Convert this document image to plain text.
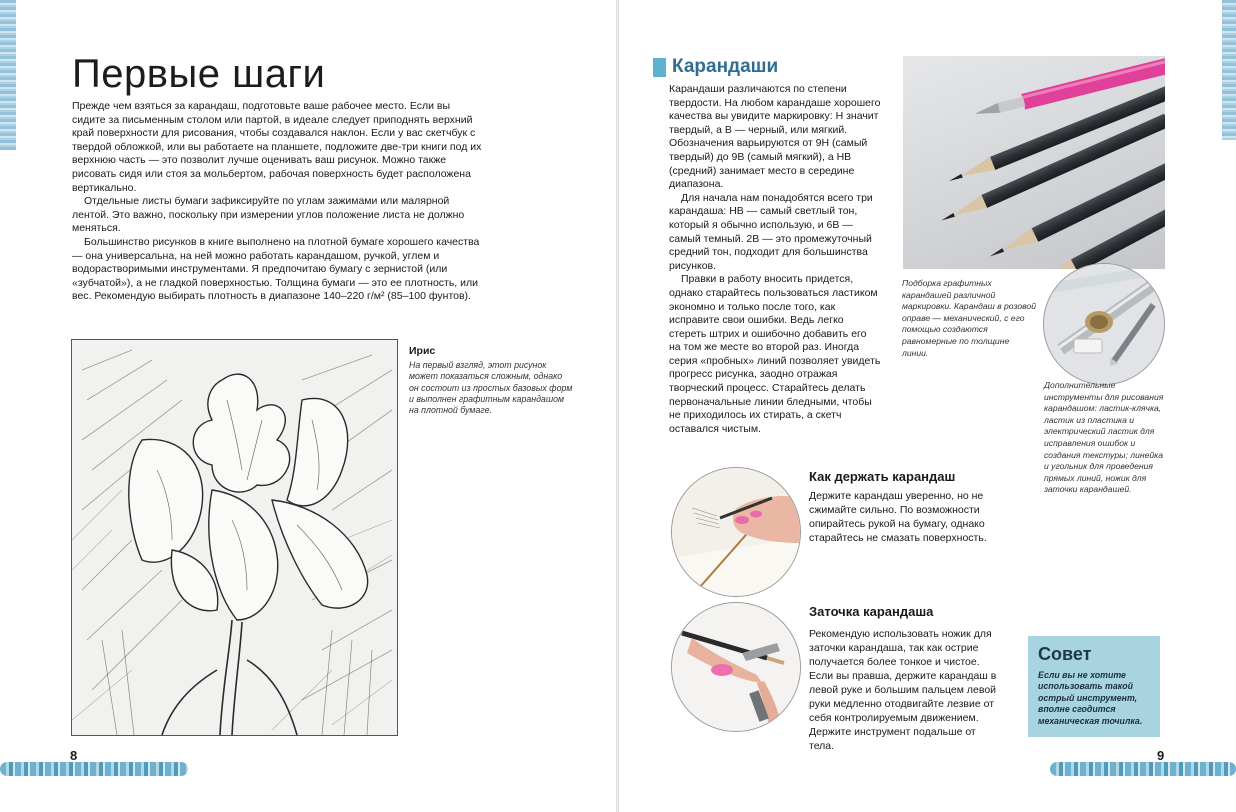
Первые шаги

Прежде чем взяться за карандаш, подготовьте ваше рабочее место. Если вы сидите за письменным столом или партой, в идеале следует приподнять верхний край поверхности для рисования, чтобы создавался наклон. Если у вас скетчбук с твердой обложкой, или вы работаете на планшете, подложите две-три книги под их верхнюю часть — это позволит лучше оценивать ваш рисунок. Можно также рисовать сидя или стоя за мольбертом, рабочая поверхность будет расположена вертикально.

Отдельные листы бумаги зафиксируйте по углам зажимами или малярной лентой. Это важно, поскольку при измерении углов положение листа не должно меняться.

Большинство рисунков в книге выполнено на плотной бумаге хорошего качества — она универсальна, на ней можно работать карандашом, ручкой, углем и водорастворимыми инструментами. Я предпочитаю бумагу с зернистой (или «зубчатой»), а не гладкой поверхностью. Толщина бумаги — это ее плотность, или вес. Рекомендую выбирать плотность в диапазоне 140–220 г/м² (85–100 фунтов).

Ирис

На первый взгляд, этот рисунок может показаться сложным, однако он состоит из простых базовых форм и выполнен графитным карандашом на плотной бумаге.

8
Карандаши

Карандаши различаются по степени твердости. На любом карандаше хорошего качества вы увидите маркировку: Н значит твердый, а В — черный, или мягкий. Обозначения варьируются от 9Н (самый твердый) до 9В (самый мягкий), а НВ (средний) занимает место в середине диапазона.

Для начала нам понадобятся всего три карандаша: НВ — самый светлый тон, который я обычно использую, и 6В — самый темный. 2В — это промежуточный средний тон, подходит для большинства рисунков.

Правки в работу вносить придется, однако старайтесь пользоваться ластиком экономно и только после того, как исправите свои ошибки. Ведь легко стереть штрих и ошибочно добавить его на том же месте во второй раз. Иногда серия «пробных» линий позволяет увидеть прогресс рисунка, заодно отражая творческий процесс. Старайтесь делать первоначальные линии бледными, чтобы не приходилось их стирать, а скетч оставался чистым.

Подборка графитных карандашей различной маркировки. Карандаш в розовой оправе — механический, с его помощью создаются равномерные по толщине линии.

Дополнительные инструменты для рисования карандашом: ластик-клячка, ластик из пластика и электрический ластик для исправления ошибок и создания текстуры; линейка и угольник для проведения прямых линий, ножик для заточки карандашей.

Как держать карандаш

Держите карандаш уверенно, но не сжимайте сильно. По возможности опирайтесь рукой на бумагу, однако старайтесь не смазать поверхность.

Заточка карандаша

Рекомендую использовать ножик для заточки карандаша, так как острие получается более тонкое и чистое. Если вы правша, держите карандаш в левой руке и большим пальцем левой руки медленно отодвигайте лезвие от себя контролируемым движением. Держите инструмент подальше от тела.

Совет

Если вы не хотите использовать такой острый инструмент, вполне сгодится механическая точилка.

9
